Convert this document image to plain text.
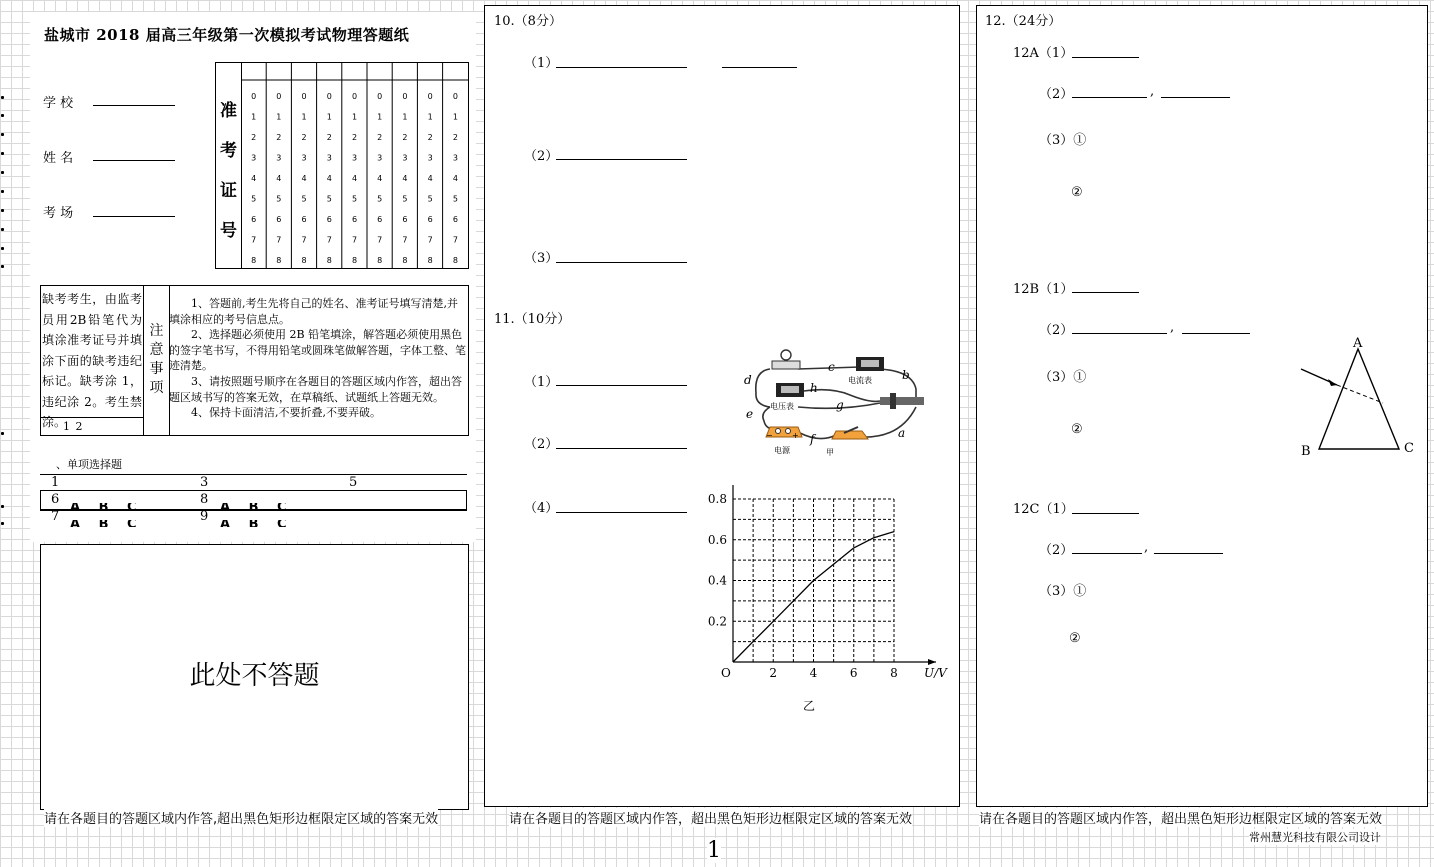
盐城市 2018 届高三年级第一次模拟考试物理答题纸
学 校
姓 名
考 场
准
考
证
号
0	0	0	0	0	0	0	0	0
1	1	1	1	1	1	1	1	1
2	2	2	2	2	2	2	2	2
3	3	3	3	3	3	3	3	3
4	4	4	4	4	4	4	4	4
5	5	5	5	5	5	5	5	5
6	6	6	6	6	6	6	6	6
7	7	7	7	7	7	7	7	7
8	8	8	8	8	8	8	8	8
缺考考生，由监考员用2B铅笔代为填涂准考证号并填涂下面的缺考违纪标记。缺考涂 1，违纪涂 2。考生禁涂。
1 2
注
意
事
项
1、答题前,考生先将自己的姓名、准考证号填写清楚,并填涂相应的考号信息点。
2、选择题必须使用 2B 铅笔填涂，解答题必须使用黑色的签字笔书写，不得用铅笔或圆珠笔做解答题，字体工整、笔迹清楚。
3、请按照题号顺序在各题目的答题区域内作答，超出答题区域书写的答案无效，在草稿纸、试题纸上答题无效。
4、保持卡面清洁,不要折叠,不要弄破。
、单项选择题
1	3	5
6	8
7	9
此处不答题
请在各题目的答题区域内作答,超出黑色矩形边框限定区域的答案无效
10.（8分）
（1）
（2）
（3）
11.（10分）
（1）
（2）
（4）
c
d
h
b
g
e
f	a
电流表
电压表
电源
− +
甲
2	4	6	8
0.2
0.4
0.6
0.8
O	U/V
乙
请在各题目的答题区域内作答，超出黑色矩形边框限定区域的答案无效
12.（24分）
12A（1）
（2）	,
（3）①
②
12B（1）
（2）	,
（3）①
②
A
B	C
12C（1）
（2）	,
（3）①
②
请在各题目的答题区域内作答，超出黑色矩形边框限定区域的答案无效
常州慧光科技有限公司设计
1
